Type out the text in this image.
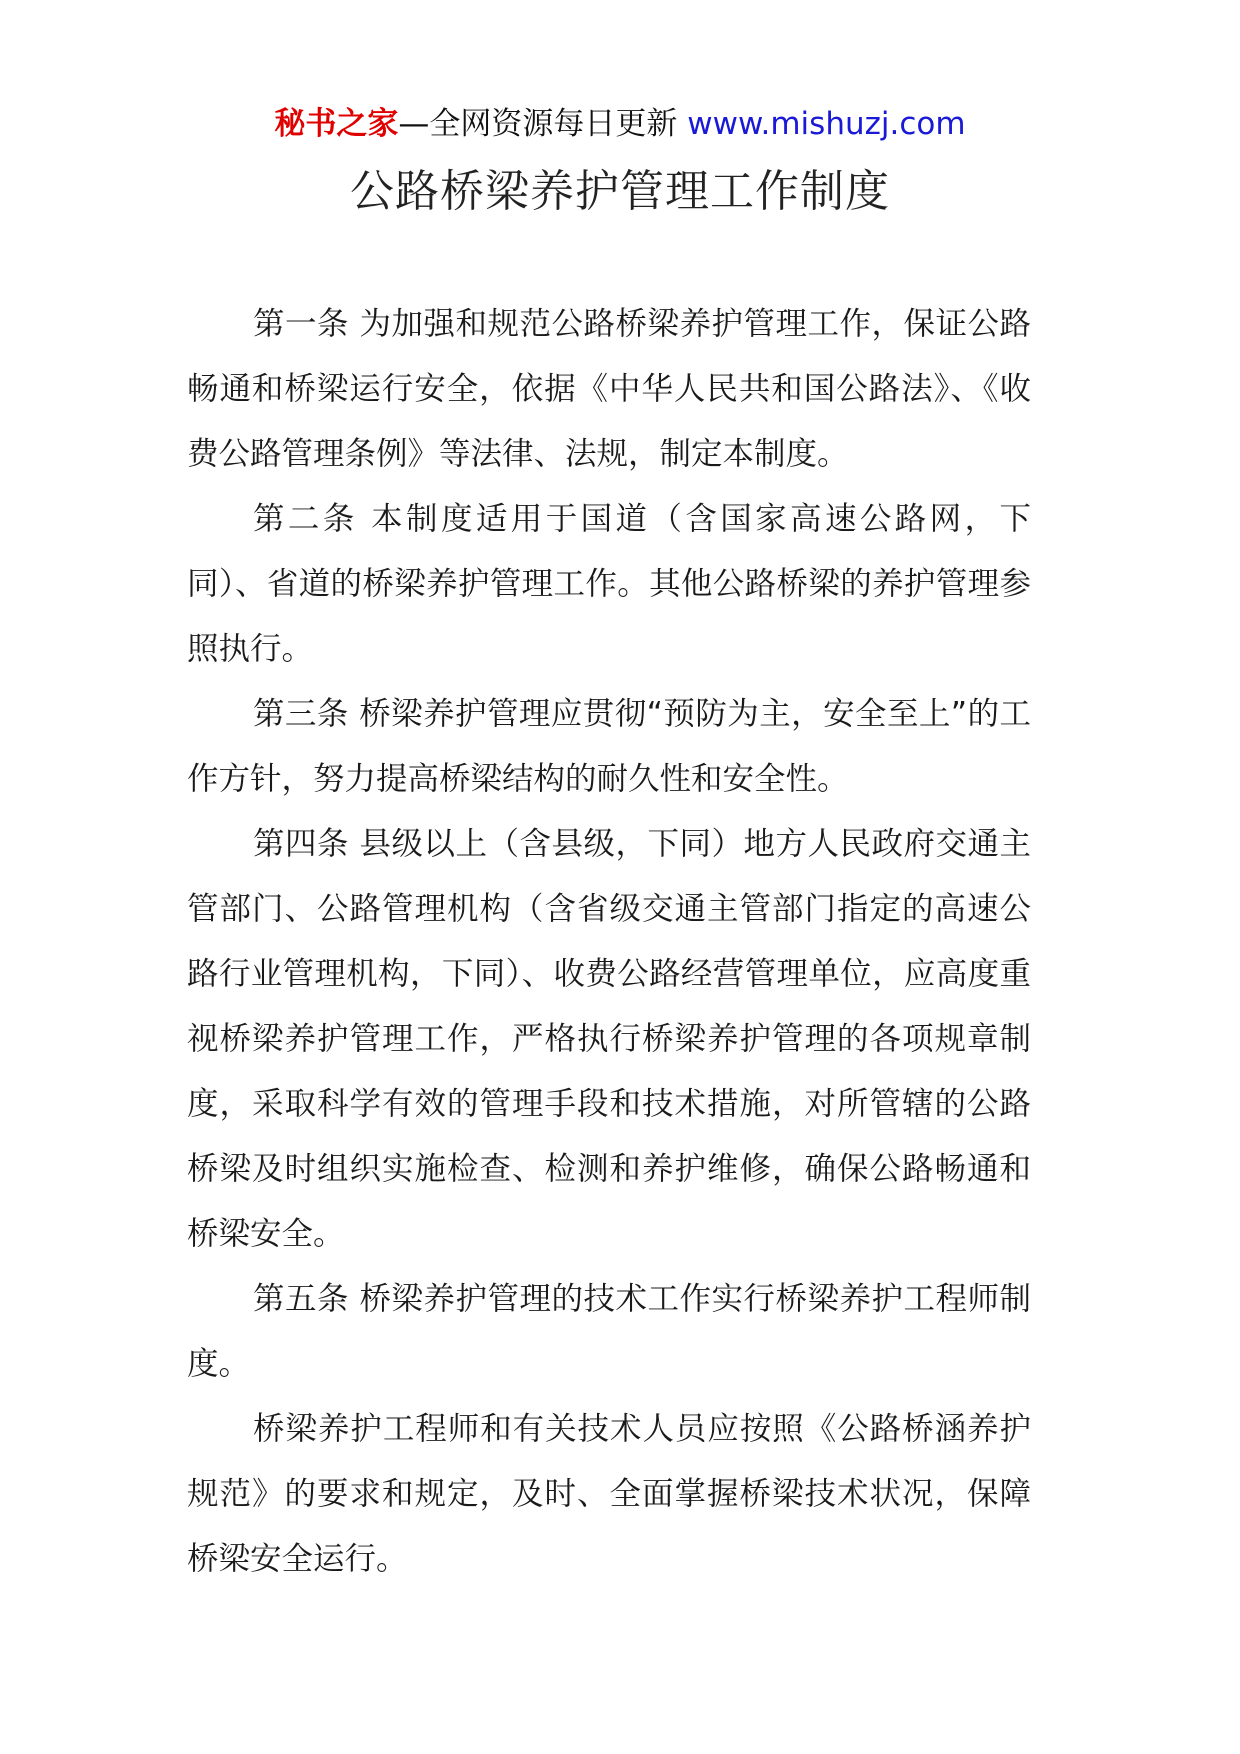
秘书之家—全网资源每日更新 www.mishuzj.com
公路桥梁养护管理工作制度

第一条 为加强和规范公路桥梁养护管理工作，保证公路畅通和桥梁运行安全，依据《中华人民共和国公路法》、《收费公路管理条例》等法律、法规，制定本制度。

第二条 本制度适用于国道（含国家高速公路网，下同）、省道的桥梁养护管理工作。其他公路桥梁的养护管理参照执行。

第三条 桥梁养护管理应贯彻“预防为主，安全至上”的工作方针，努力提高桥梁结构的耐久性和安全性。

第四条 县级以上（含县级，下同）地方人民政府交通主管部门、公路管理机构（含省级交通主管部门指定的高速公路行业管理机构，下同）、收费公路经营管理单位，应高度重视桥梁养护管理工作，严格执行桥梁养护管理的各项规章制度，采取科学有效的管理手段和技术措施，对所管辖的公路桥梁及时组织实施检查、检测和养护维修，确保公路畅通和桥梁安全。

第五条 桥梁养护管理的技术工作实行桥梁养护工程师制度。

桥梁养护工程师和有关技术人员应按照《公路桥涵养护规范》的要求和规定，及时、全面掌握桥梁技术状况，保障桥梁安全运行。
